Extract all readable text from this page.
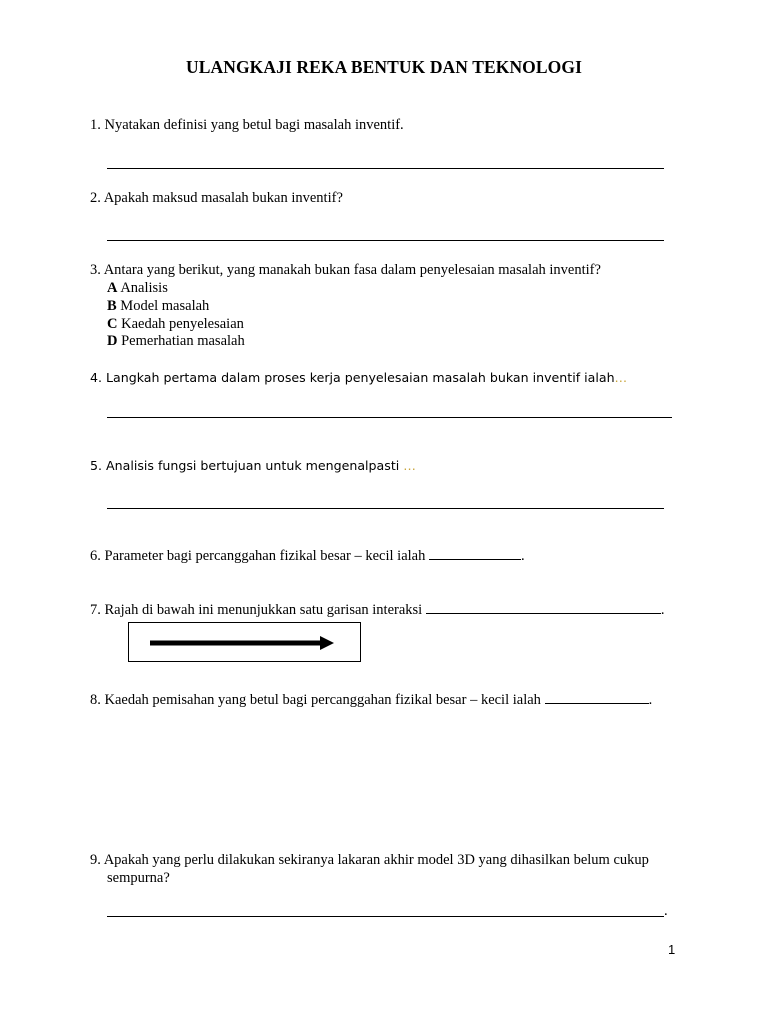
ULANGKAJI REKA BENTUK DAN TEKNOLOGI
1. Nyatakan definisi yang betul bagi masalah inventif.
2. Apakah maksud masalah bukan inventif?
3. Antara yang berikut, yang manakah bukan fasa dalam penyelesaian masalah inventif?
A Analisis
B Model masalah
C Kaedah penyelesaian
D Pemerhatian masalah
4. Langkah pertama dalam proses kerja penyelesaian masalah bukan inventif ialah…
5. Analisis fungsi bertujuan untuk mengenalpasti …
6. Parameter bagi percanggahan fizikal besar – kecil ialah	.
7. Rajah di bawah ini menunjukkan satu garisan interaksi	.
8. Kaedah pemisahan yang betul bagi percanggahan fizikal besar – kecil ialah	.
9. Apakah yang perlu dilakukan sekiranya lakaran akhir model 3D yang dihasilkan belum cukup
sempurna?
.
1
